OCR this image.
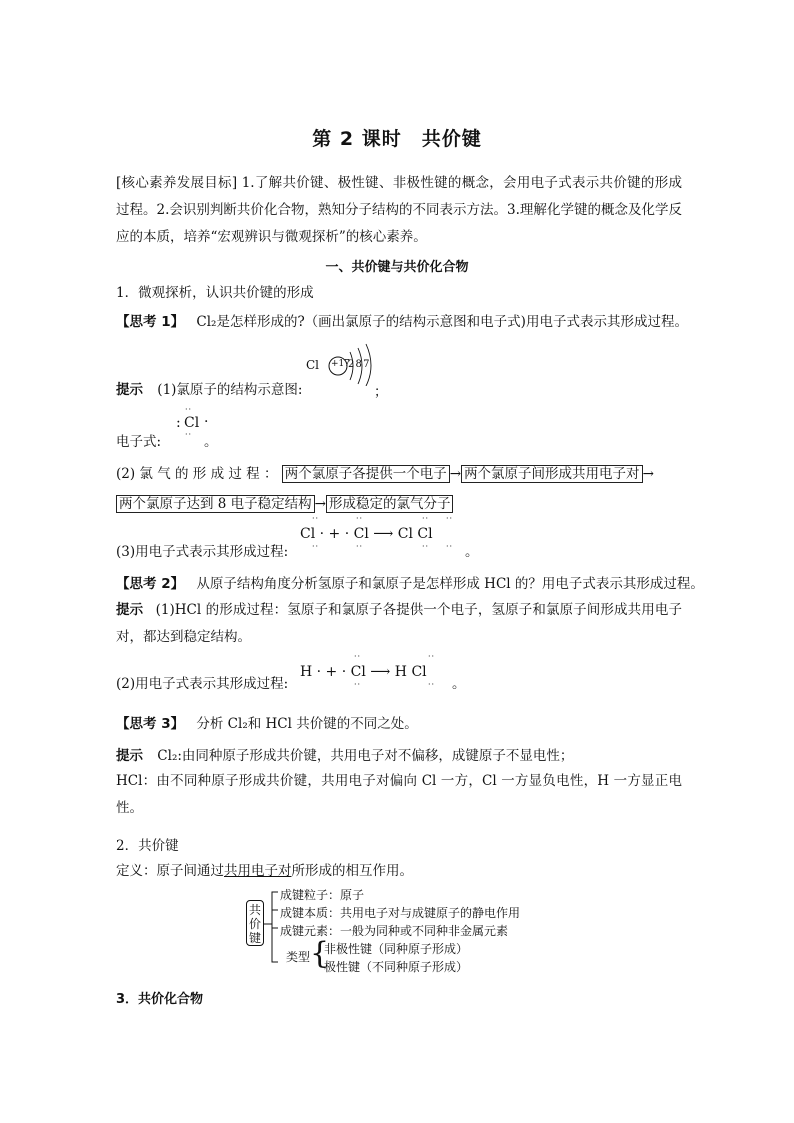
第 2 课时　共价键
[核心素养发展目标] 1.了解共价键、极性键、非极性键的概念，会用电子式表示共价键的形成过程。2.会识别判断共价化合物，熟知分子结构的不同表示方法。3.理解化学键的概念及化学反应的本质，培养“宏观辨识与微观探析”的核心素养。
一、共价键与共价化合物
1．微观探析，认识共价键的形成
【思考 1】 Cl₂是怎样形成的?（画出氯原子的结构示意图和电子式)用电子式表示其形成过程。
Cl +17
2 8 7
提示 (1)氯原子的结构示意图:	；
电子式:
··
: Cl ·
·· 。
(2) 氯 气 的 形 成 过 程 ： 两个氯原子各提供一个电子 → 两个氯原子间形成共用电子对 →
两个氯原子达到 8 电子稳定结构 → 形成稳定的氯气分子
(3)用电子式表示其形成过程:
··	··	·· ··
Cl · + · Cl ⟶ Cl Cl
··	··	·· ·· 。
【思考 2】 从原子结构角度分析氢原子和氯原子是怎样形成 HCl 的？用电子式表示其形成过程。
提示 (1)HCl 的形成过程：氢原子和氯原子各提供一个电子，氢原子和氯原子间形成共用电子对，都达到稳定结构。
(2)用电子式表示其形成过程:
··	··
H · + · Cl ⟶ H Cl
··	·· 。
【思考 3】 分析 Cl₂和 HCl 共价键的不同之处。
提示 Cl₂:由同种原子形成共价键，共用电子对不偏移，成键原子不显电性；
HCl：由不同种原子形成共价键，共用电子对偏向 Cl 一方，Cl 一方显负电性，H 一方显正电性。
2．共价键
定义：原子间通过共用电子对所形成的相互作用。
共价键
成键粒子：原子
成键本质：共用电子对与成键原子的静电作用
成键元素：一般为同种或不同种非金属元素
类型 {
非极性键（同种原子形成）
极性键（不同种原子形成）
3．共价化合物
